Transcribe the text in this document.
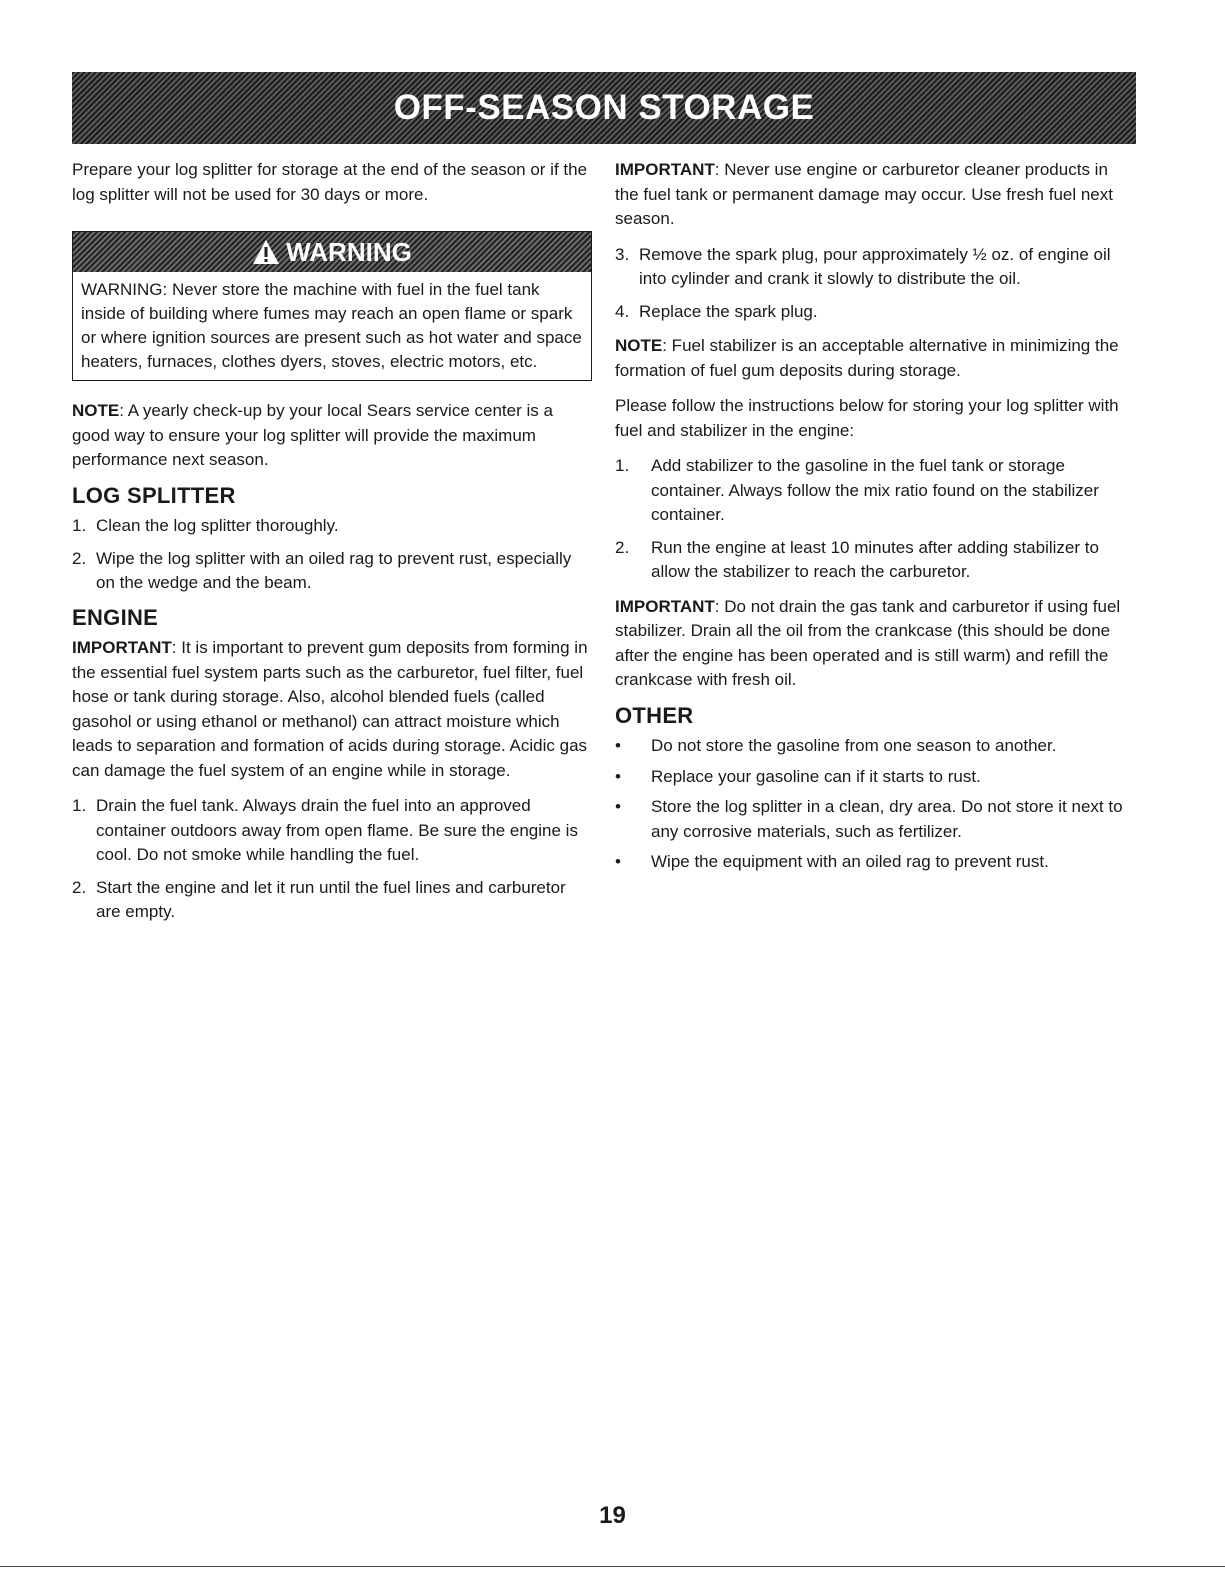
OFF-SEASON STORAGE

Prepare your log splitter for storage at the end of the season or if the log splitter will not be used for 30 days or more.

WARNING
WARNING: Never store the machine with fuel in the fuel tank inside of building where fumes may reach an open flame or spark or where ignition sources are present such as hot water and space heaters, furnaces, clothes dyers, stoves, electric motors, etc.

NOTE: A yearly check-up by your local Sears service center is a good way to ensure your log splitter will provide the maximum performance next season.

LOG SPLITTER
1. Clean the log splitter thoroughly.
2. Wipe the log splitter with an oiled rag to prevent rust, especially on the wedge and the beam.
ENGINE

IMPORTANT: It is important to prevent gum deposits from forming in the essential fuel system parts such as the carburetor, fuel filter, fuel hose or tank during storage. Also, alcohol blended fuels (called gasohol or using ethanol or methanol) can attract moisture which leads to separation and formation of acids during storage. Acidic gas can damage the fuel system of an engine while in storage.

1. Drain the fuel tank. Always drain the fuel into an approved container outdoors away from open flame. Be sure the engine is cool. Do not smoke while handling the fuel.
2. Start the engine and let it run until the fuel lines and carburetor are empty.

IMPORTANT: Never use engine or carburetor cleaner products in the fuel tank or permanent damage may occur. Use fresh fuel next season.

3. Remove the spark plug, pour approximately ½ oz. of engine oil into cylinder and crank it slowly to distribute the oil.
4. Replace the spark plug.

NOTE: Fuel stabilizer is an acceptable alternative in minimizing the formation of fuel gum deposits during storage.

Please follow the instructions below for storing your log splitter with fuel and stabilizer in the engine:

1. Add stabilizer to the gasoline in the fuel tank or storage container. Always follow the mix ratio found on the stabilizer container.
2. Run the engine at least 10 minutes after adding stabilizer to allow the stabilizer to reach the carburetor.

IMPORTANT: Do not drain the gas tank and carburetor if using fuel stabilizer. Drain all the oil from the crankcase (this should be done after the engine has been operated and is still warm) and refill the crankcase with fresh oil.

OTHER
• Do not store the gasoline from one season to another.
• Replace your gasoline can if it starts to rust.
• Store the log splitter in a clean, dry area. Do not store it next to any corrosive materials, such as fertilizer.
• Wipe the equipment with an oiled rag to prevent rust.
19
